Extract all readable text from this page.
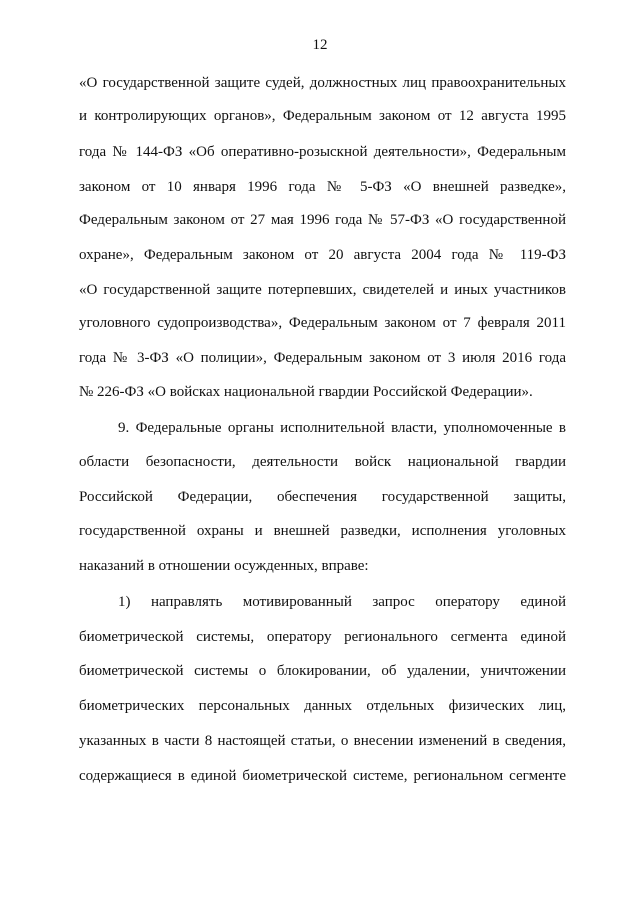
12
«О государственной защите судей, должностных лиц правоохранительных
и контролирующих органов», Федеральным законом от 12 августа 1995
года № 144-ФЗ «Об оперативно-розыскной деятельности», Федеральным
законом от 10 января 1996 года № 5-ФЗ «О внешней разведке»,
Федеральным законом от 27 мая 1996 года № 57-ФЗ «О государственной
охране», Федеральным законом от 20 августа 2004 года № 119-ФЗ
«О государственной защите потерпевших, свидетелей и иных участников
уголовного судопроизводства», Федеральным законом от 7 февраля 2011
года № 3-ФЗ «О полиции», Федеральным законом от 3 июля 2016 года
№ 226-ФЗ «О войсках национальной гвардии Российской Федерации».
9. Федеральные органы исполнительной власти, уполномоченные в
области безопасности, деятельности войск национальной гвардии
Российской Федерации, обеспечения государственной защиты,
государственной охраны и внешней разведки, исполнения уголовных
наказаний в отношении осужденных, вправе:
1) направлять мотивированный запрос оператору единой
биометрической системы, оператору регионального сегмента единой
биометрической системы о блокировании, об удалении, уничтожении
биометрических персональных данных отдельных физических лиц,
указанных в части 8 настоящей статьи, о внесении изменений в сведения,
содержащиеся в единой биометрической системе, региональном сегменте
